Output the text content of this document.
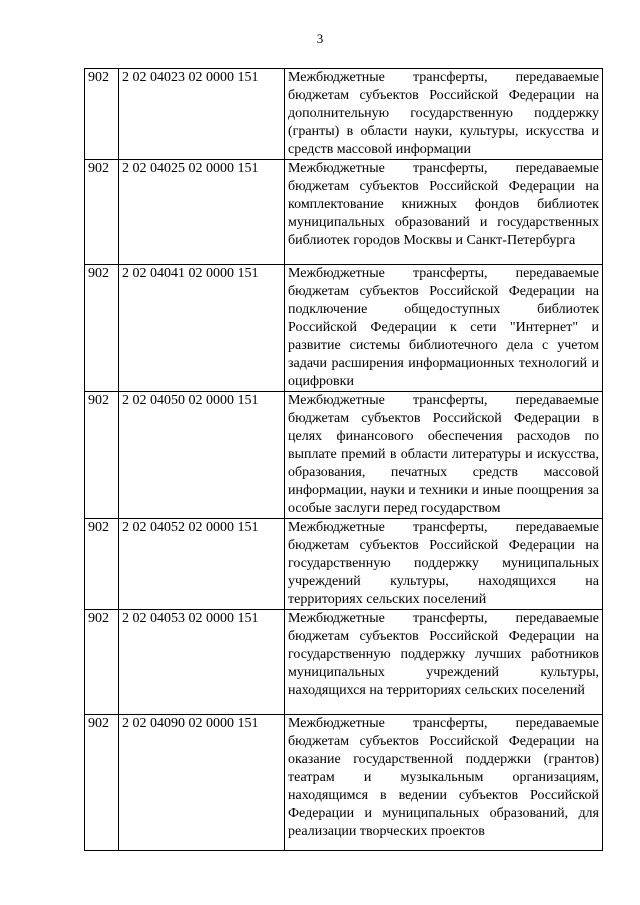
3
902	2 02 04023 02 0000 151	Межбюджетные трансферты, передаваемые бюджетам субъектов Российской Федерации на дополнительную государственную поддержку (гранты) в области науки, культуры, искусства и средств массовой информации
902	2 02 04025 02 0000 151	Межбюджетные трансферты, передаваемые бюджетам субъектов Российской Федерации на комплектование книжных фондов библиотек муниципальных образований и государственных библиотек городов Москвы и Санкт-Петербурга
902	2 02 04041 02 0000 151	Межбюджетные трансферты, передаваемые бюджетам субъектов Российской Федерации на подключение общедоступных библиотек Российской Федерации к сети "Интернет" и развитие системы библиотечного дела с учетом задачи расширения информационных технологий и оцифровки
902	2 02 04050 02 0000 151	Межбюджетные трансферты, передаваемые бюджетам субъектов Российской Федерации в целях финансового обеспечения расходов по выплате премий в области литературы и искусства, образования, печатных средств массовой информации, науки и техники и иные поощрения за особые заслуги перед государством
902	2 02 04052 02 0000 151	Межбюджетные трансферты, передаваемые бюджетам субъектов Российской Федерации на государственную поддержку муниципальных учреждений культуры, находящихся на территориях сельских поселений
902	2 02 04053 02 0000 151	Межбюджетные трансферты, передаваемые бюджетам субъектов Российской Федерации на государственную поддержку лучших работников муниципальных учреждений культуры, находящихся на территориях сельских поселений
902	2 02 04090 02 0000 151	Межбюджетные трансферты, передаваемые бюджетам субъектов Российской Федерации на оказание государственной поддержки (грантов) театрам и музыкальным организациям, находящимся в ведении субъектов Российской Федерации и муниципальных образований, для реализации творческих проектов
